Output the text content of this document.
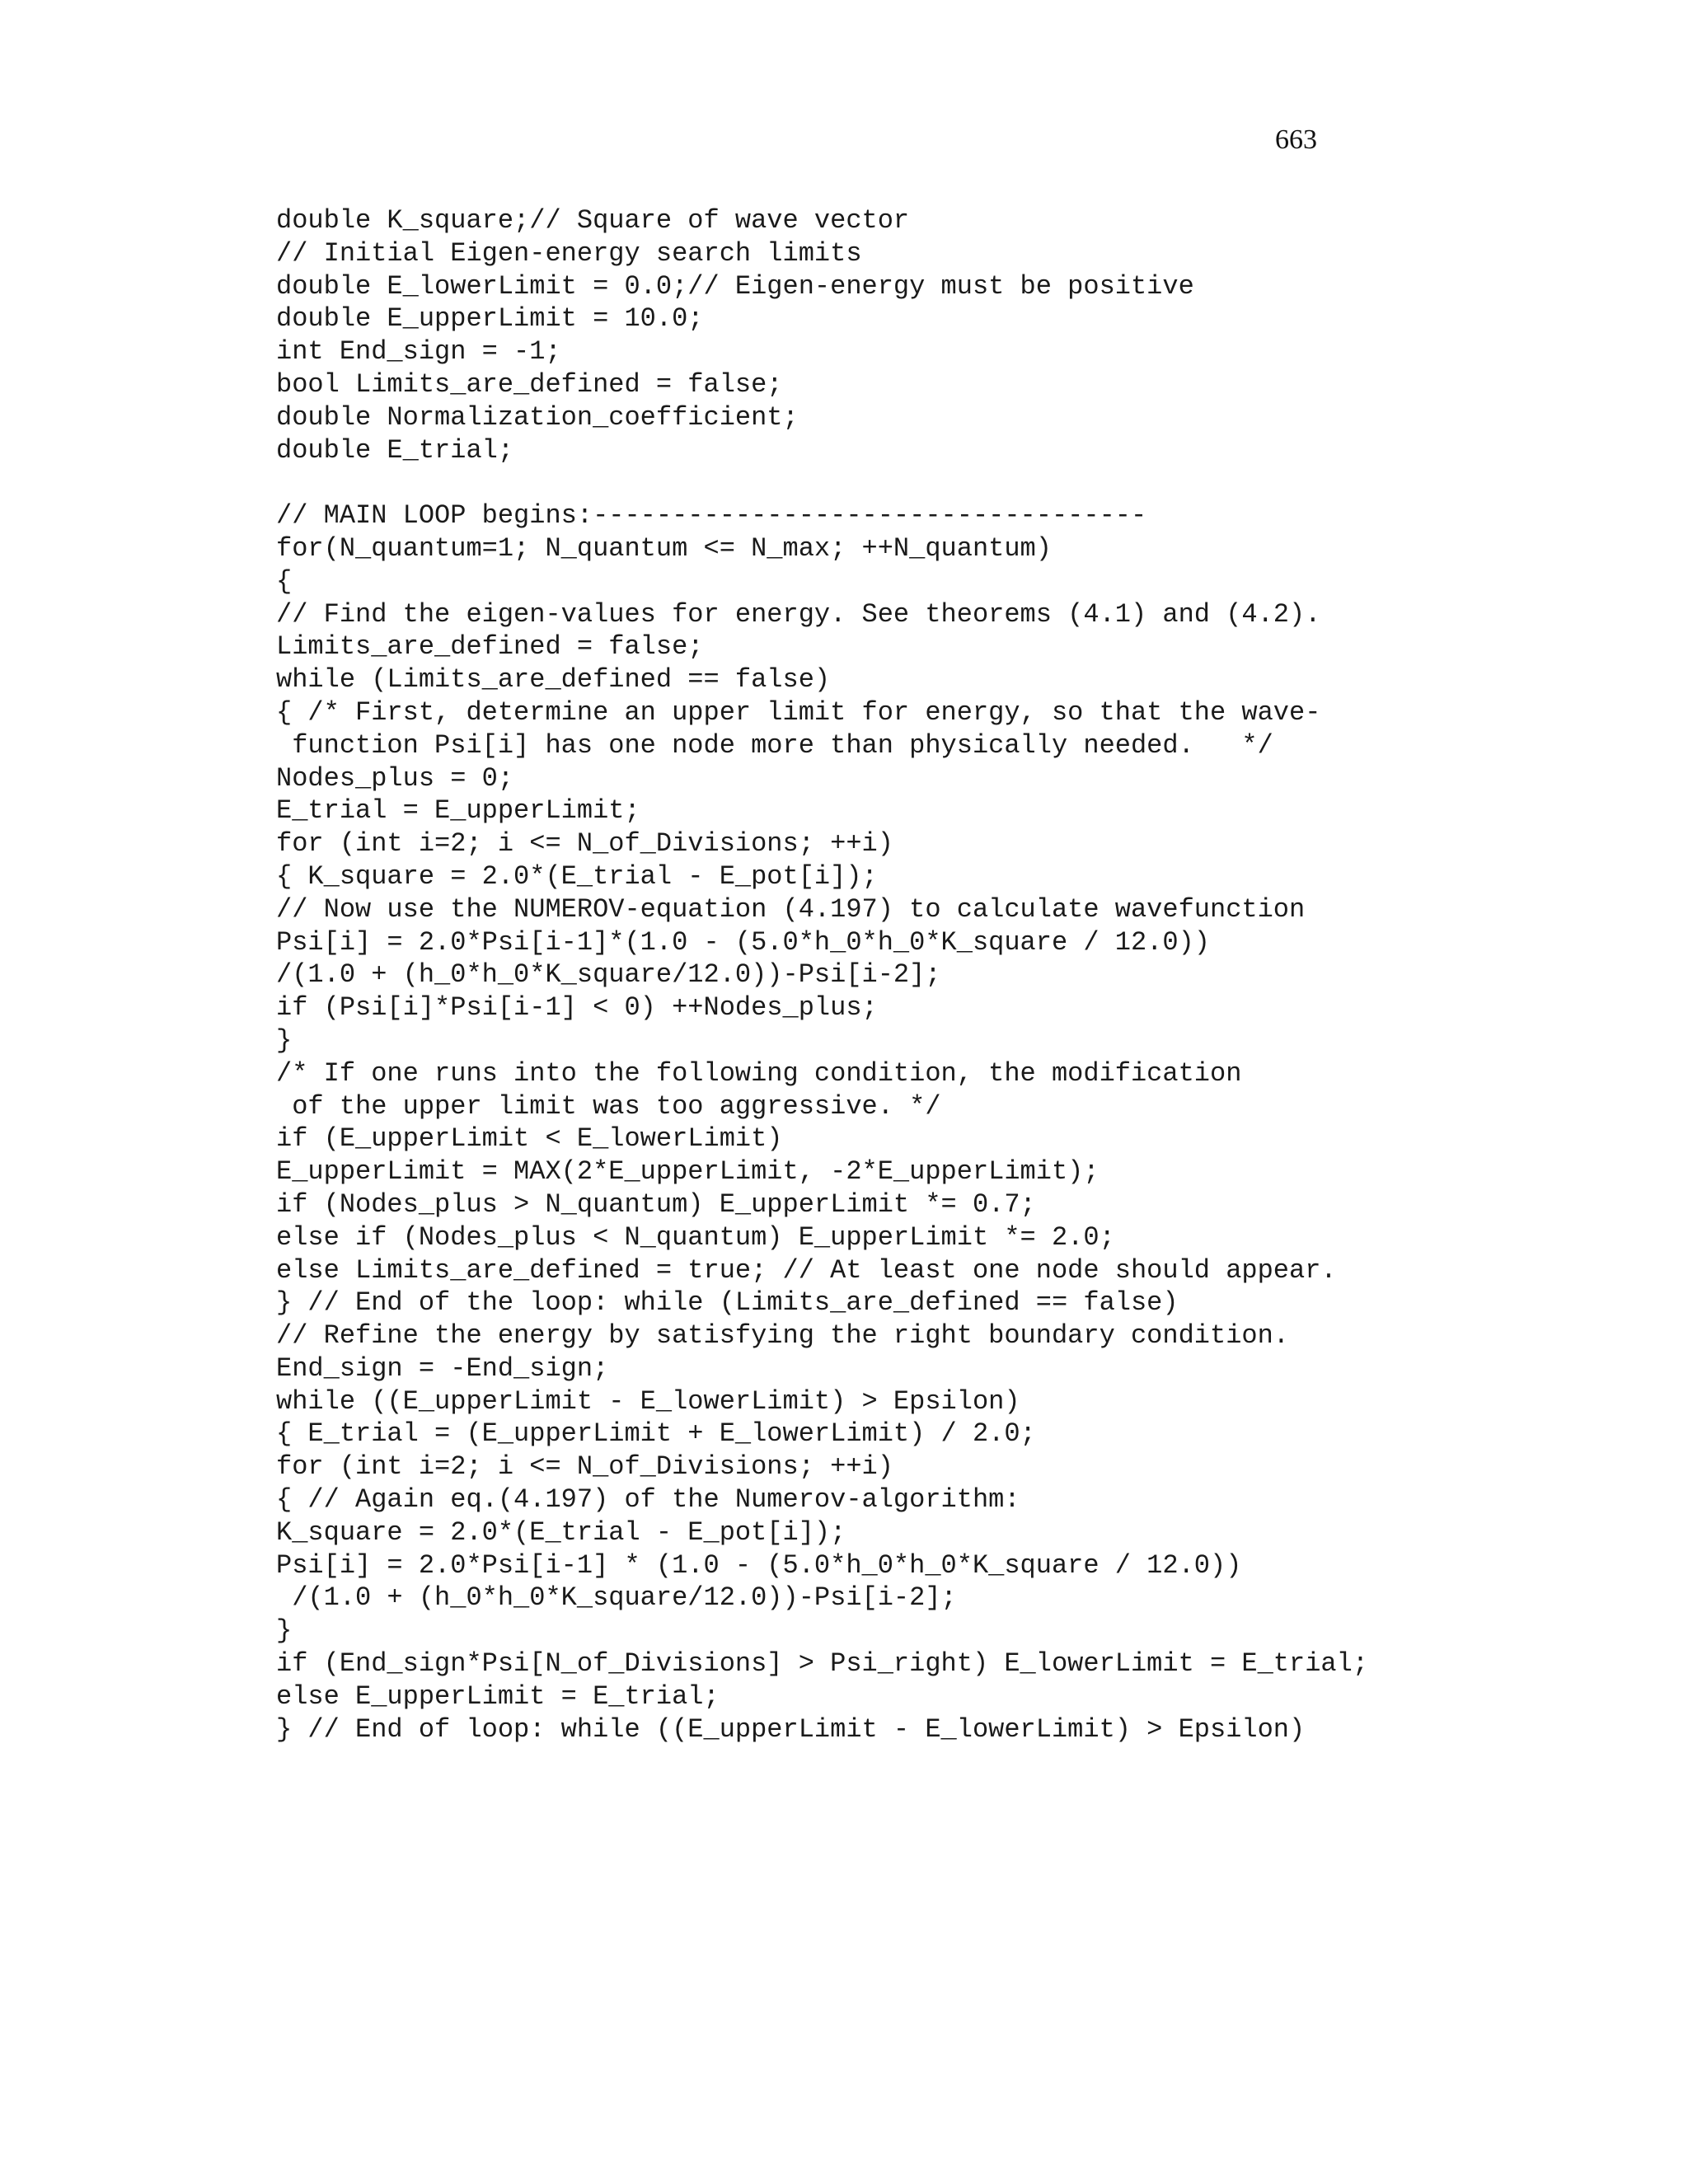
663
double K_square;// Square of wave vector
// Initial Eigen-energy search limits
double E_lowerLimit = 0.0;// Eigen-energy must be positive
double E_upperLimit = 10.0;
int End_sign = -1;
bool Limits_are_defined = false;
double Normalization_coefficient;
double E_trial;
// MAIN LOOP begins:-----------------------------------
for(N_quantum=1; N_quantum <= N_max; ++N_quantum)
{
// Find the eigen-values for energy. See theorems (4.1) and (4.2).
Limits_are_defined = false;
while (Limits_are_defined == false)
{ /* First, determine an upper limit for energy, so that the wave-
function Psi[i] has one node more than physically needed.   */
Nodes_plus = 0;
E_trial = E_upperLimit;
for (int i=2; i <= N_of_Divisions; ++i)
{ K_square = 2.0*(E_trial - E_pot[i]);
// Now use the NUMEROV-equation (4.197) to calculate wavefunction
Psi[i] = 2.0*Psi[i-1]*(1.0 - (5.0*h_0*h_0*K_square / 12.0))
/(1.0 + (h_0*h_0*K_square/12.0))-Psi[i-2];
if (Psi[i]*Psi[i-1] < 0) ++Nodes_plus;
}
/* If one runs into the following condition, the modification
of the upper limit was too aggressive. */
if (E_upperLimit < E_lowerLimit)
E_upperLimit = MAX(2*E_upperLimit, -2*E_upperLimit);
if (Nodes_plus > N_quantum) E_upperLimit *= 0.7;
else if (Nodes_plus < N_quantum) E_upperLimit *= 2.0;
else Limits_are_defined = true; // At least one node should appear.
} // End of the loop: while (Limits_are_defined == false)
// Refine the energy by satisfying the right boundary condition.
End_sign = -End_sign;
while ((E_upperLimit - E_lowerLimit) > Epsilon)
{ E_trial = (E_upperLimit + E_lowerLimit) / 2.0;
for (int i=2; i <= N_of_Divisions; ++i)
{ // Again eq.(4.197) of the Numerov-algorithm:
K_square = 2.0*(E_trial - E_pot[i]);
Psi[i] = 2.0*Psi[i-1] * (1.0 - (5.0*h_0*h_0*K_square / 12.0))
/(1.0 + (h_0*h_0*K_square/12.0))-Psi[i-2];
}
if (End_sign*Psi[N_of_Divisions] > Psi_right) E_lowerLimit = E_trial;
else E_upperLimit = E_trial;
} // End of loop: while ((E_upperLimit - E_lowerLimit) > Epsilon)
